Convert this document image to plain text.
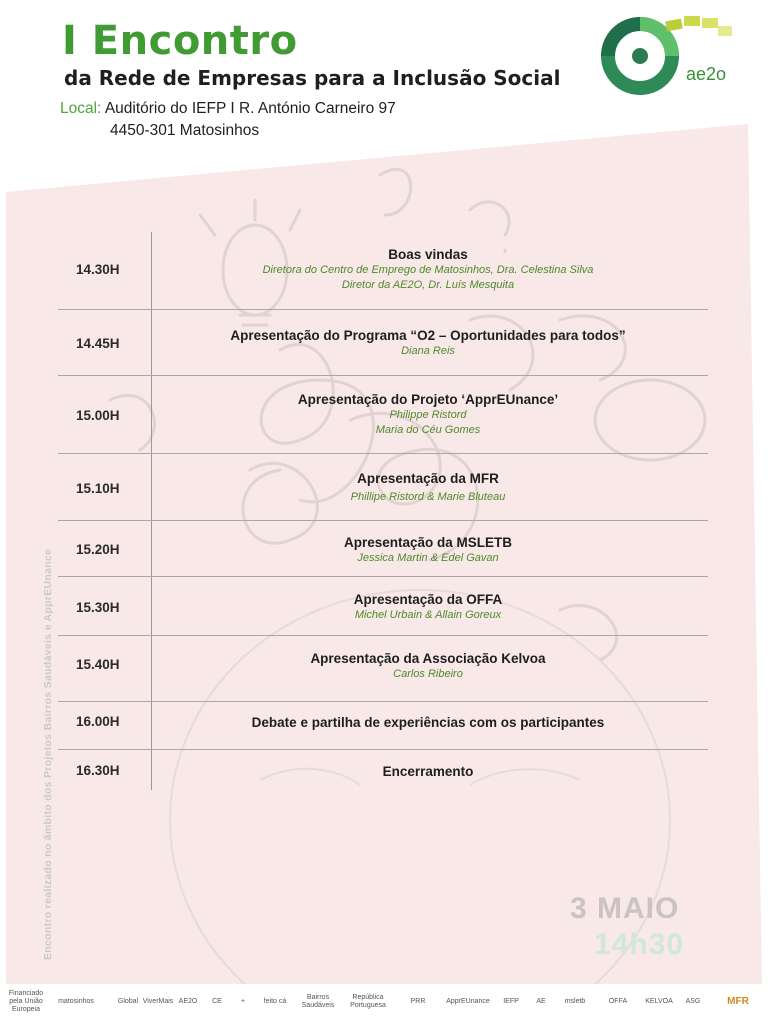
I Encontro
da Rede de Empresas para a Inclusão Social
Local: Auditório do IEFP I R. António Carneiro 97
4450-301 Matosinhos
ae2o
14.30H
Boas vindas
Diretora do Centro de Emprego de Matosinhos, Dra. Celestina Silva
Diretor da AE2O, Dr. Luís Mesquita
14.45H
Apresentação do Programa “O2 – Oportunidades para todos”
Diana Reis
15.00H
Apresentação do Projeto ‘ApprEUnance’
Philippe Ristord
Maria do Céu Gomes
15.10H
Apresentação da MFR
Phillipe Ristord & Marie Bluteau
15.20H	Apresentação da MSLETB
Jessica Martin & Edel Gavan
15.30H
Apresentação da OFFA
Michel Urbain & Allain Goreux
15.40H	Apresentação da Associação Kelvoa
Carlos Ribeiro
16.00H	Debate e partilha de experiências com os participantes
16.30H	Encerramento
Encontro realizado no âmbito dos Projetos Bairros Saudáveis e ApprEUnance	3 MAIO
14h30
Financiado pela União Europeia
matosinhos	Global ViverMais AE2O	CE	+	feito cá
Bairros Saudáveis
República Portuguesa
PRR	ApprEUnance	IEFP	AE	msletb	OFFA	KELVOA	ASG	MFR
